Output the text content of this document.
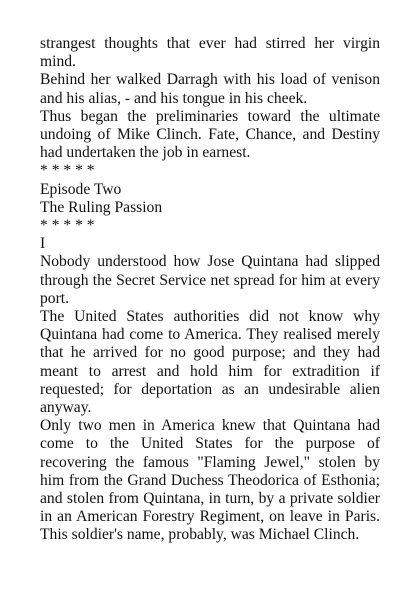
strangest thoughts that ever had stirred her virgin mind.

Behind her walked Darragh with his load of venison and his alias, - and his tongue in his cheek.

Thus began the preliminaries toward the ultimate undoing of Mike Clinch. Fate, Chance, and Destiny had undertaken the job in earnest.

* * * * *

Episode Two

The Ruling Passion

* * * * *

I

Nobody understood how Jose Quintana had slipped through the Secret Service net spread for him at every port.

The United States authorities did not know why Quintana had come to America. They realised merely that he arrived for no good purpose; and they had meant to arrest and hold him for extradition if requested; for deportation as an undesirable alien anyway.

Only two men in America knew that Quintana had come to the United States for the purpose of recovering the famous "Flaming Jewel," stolen by him from the Grand Duchess Theodorica of Esthonia; and stolen from Quintana, in turn, by a private soldier in an American Forestry Regiment, on leave in Paris. This soldier's name, probably, was Michael Clinch.
